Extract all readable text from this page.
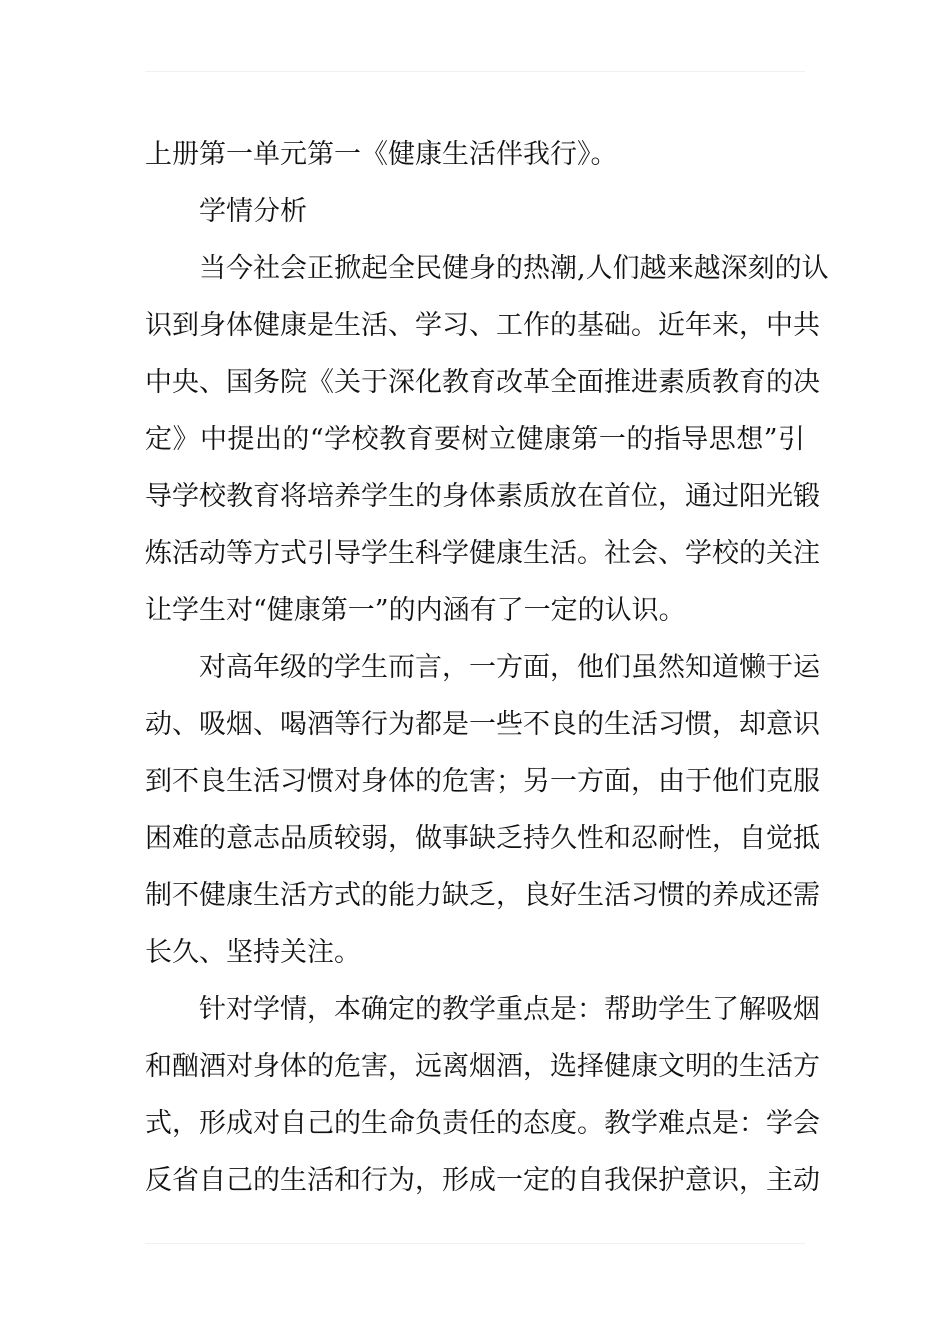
上册第一单元第一《健康生活伴我行》。
学情分析
当今社会正掀起全民健身的热潮,人们越来越深刻的认
识到身体健康是生活、学习、工作的基础。近年来，中共
中央、国务院《关于深化教育改革全面推进素质教育的决
定》中提出的“学校教育要树立健康第一的指导思想”引
导学校教育将培养学生的身体素质放在首位，通过阳光锻
炼活动等方式引导学生科学健康生活。社会、学校的关注
让学生对“健康第一”的内涵有了一定的认识。
对高年级的学生而言，一方面，他们虽然知道懒于运
动、吸烟、喝酒等行为都是一些不良的生活习惯，却意识
到不良生活习惯对身体的危害；另一方面，由于他们克服
困难的意志品质较弱，做事缺乏持久性和忍耐性，自觉抵
制不健康生活方式的能力缺乏，良好生活习惯的养成还需
长久、坚持关注。
针对学情，本确定的教学重点是：帮助学生了解吸烟
和酗酒对身体的危害，远离烟酒，选择健康文明的生活方
式，形成对自己的生命负责任的态度。教学难点是：学会
反省自己的生活和行为，形成一定的自我保护意识，主动
